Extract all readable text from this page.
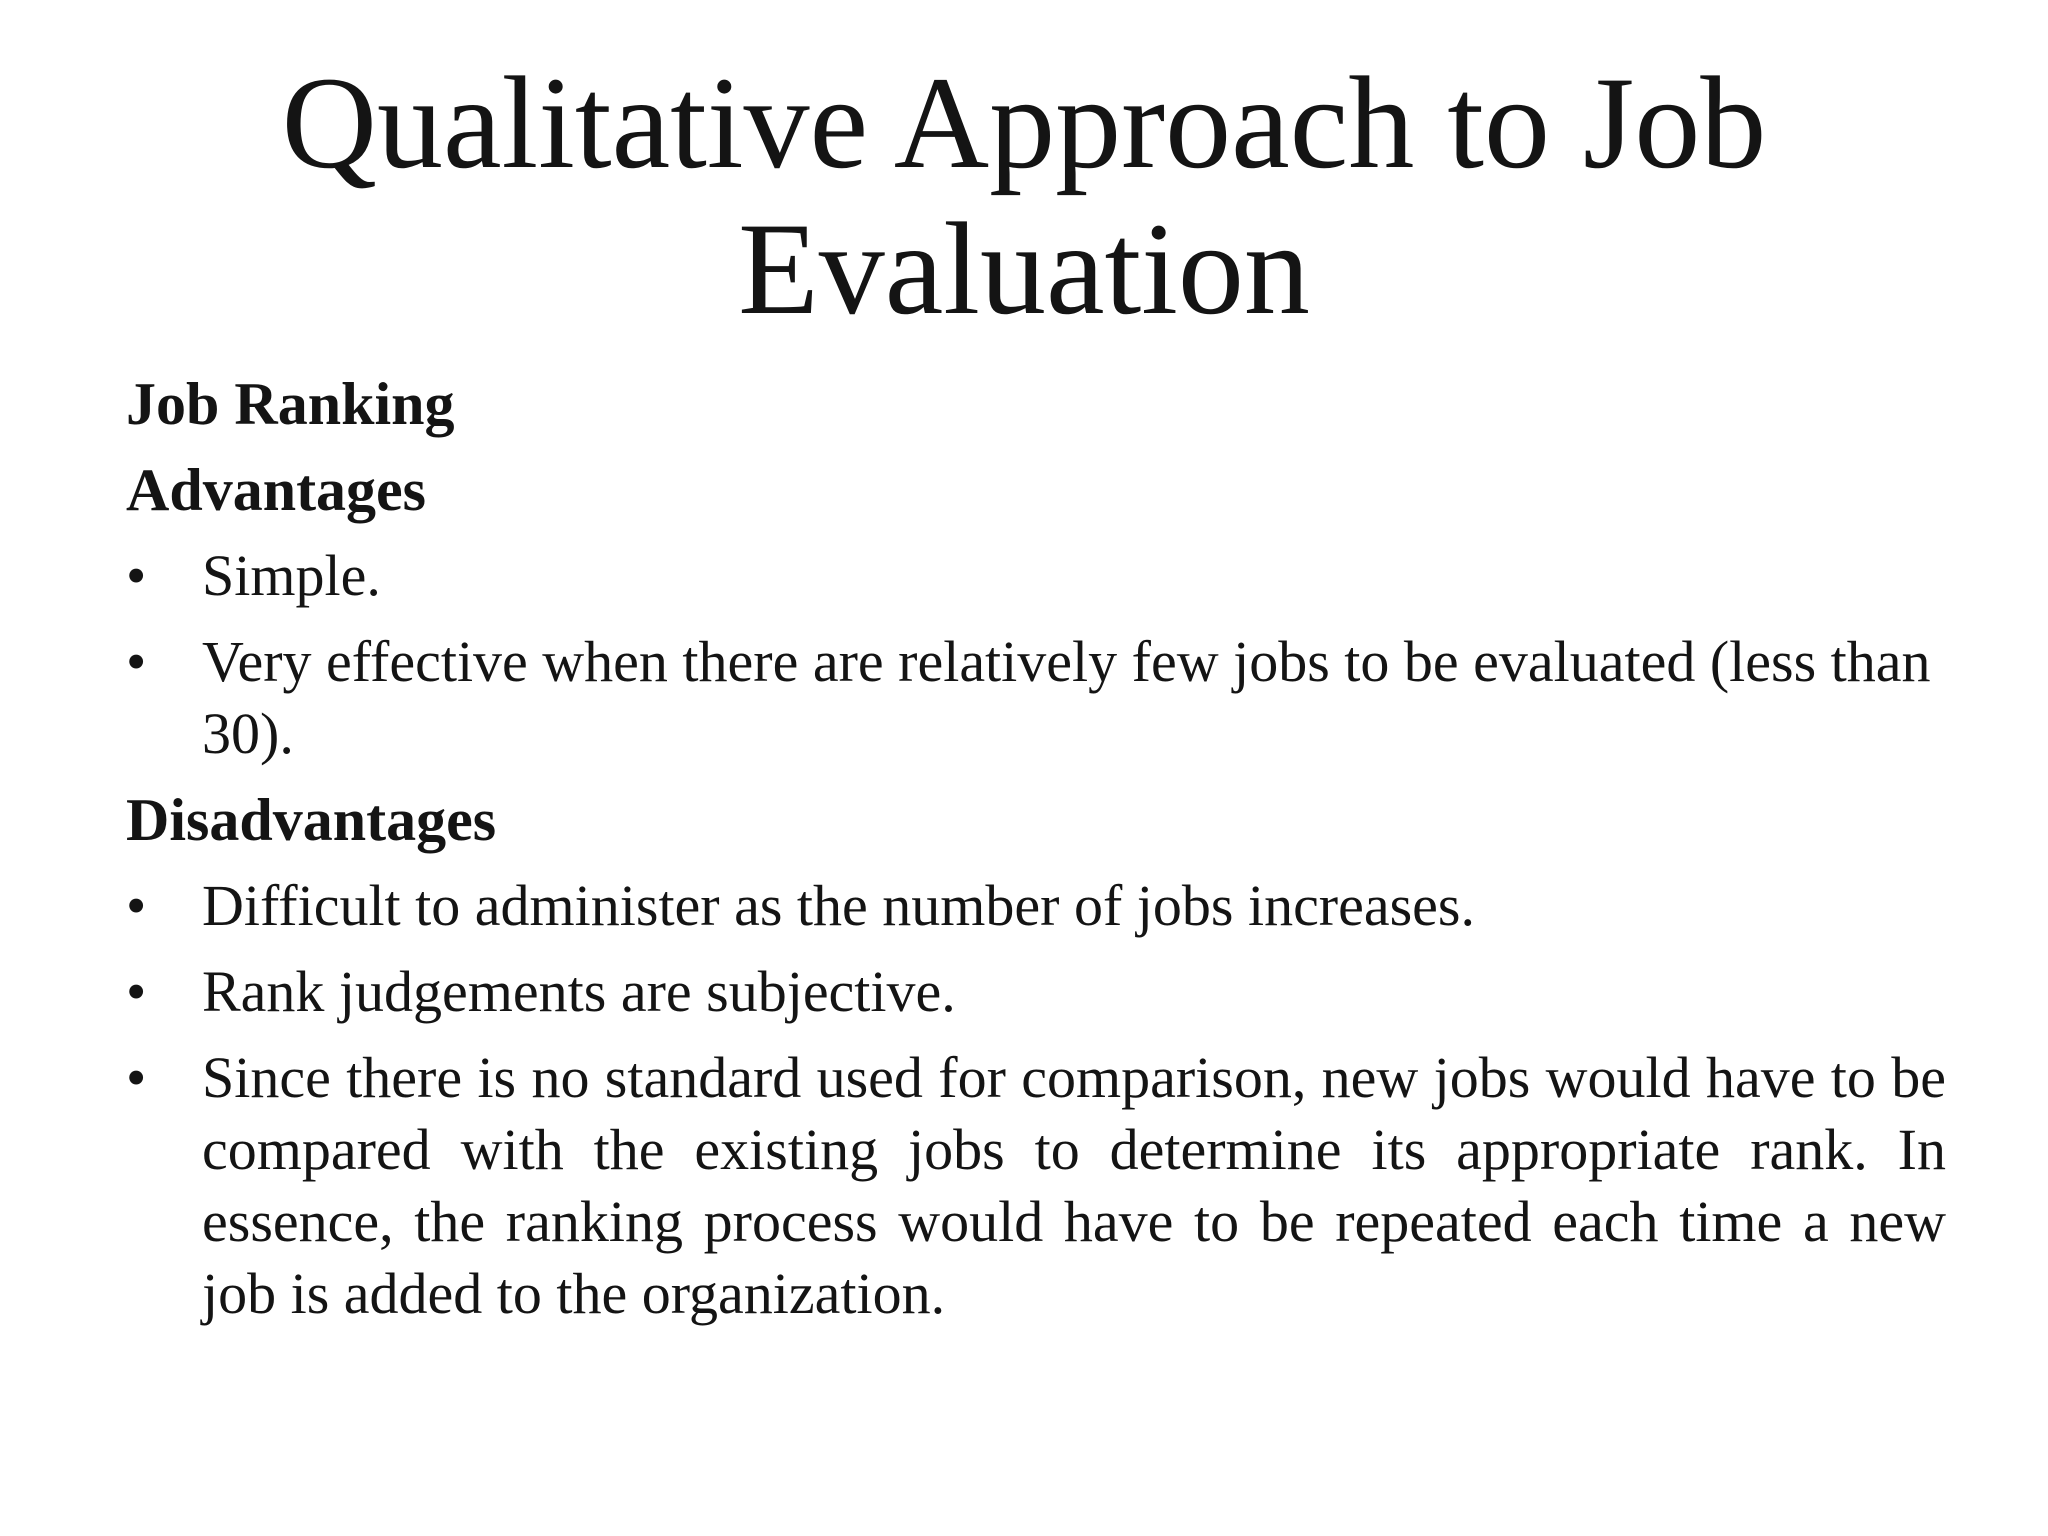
Qualitative Approach to Job
Evaluation
Job Ranking
Advantages
• Simple.
• Very effective when there are relatively few jobs to be evaluated (less than 30).
Disadvantages
• Difficult to administer as the number of jobs increases.
• Rank judgements are subjective.
• Since there is no standard used for comparison, new jobs would have to be compared with the existing jobs to determine its appropriate rank. In essence, the ranking process would have to be repeated each time a new job is added to the organization.
